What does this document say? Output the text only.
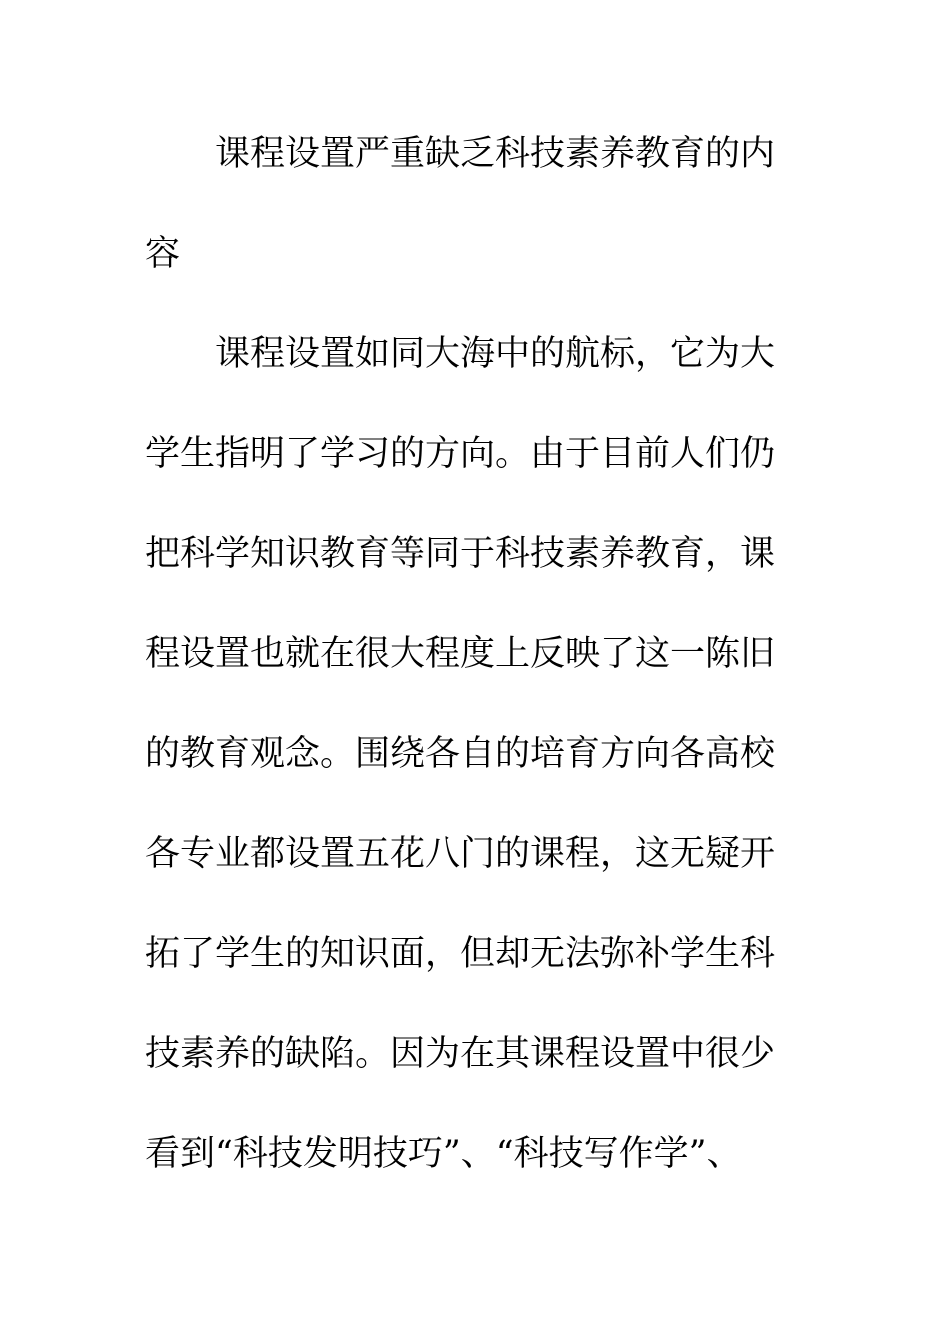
课程设置严重缺乏科技素养教育的内
容
课程设置如同大海中的航标，它为大
学生指明了学习的方向。由于目前人们仍
把科学知识教育等同于科技素养教育，课
程设置也就在很大程度上反映了这一陈旧
的教育观念。围绕各自的培育方向各高校
各专业都设置五花八门的课程，这无疑开
拓了学生的知识面，但却无法弥补学生科
技素养的缺陷。因为在其课程设置中很少
看到“科技发明技巧”、“科技写作学”、
